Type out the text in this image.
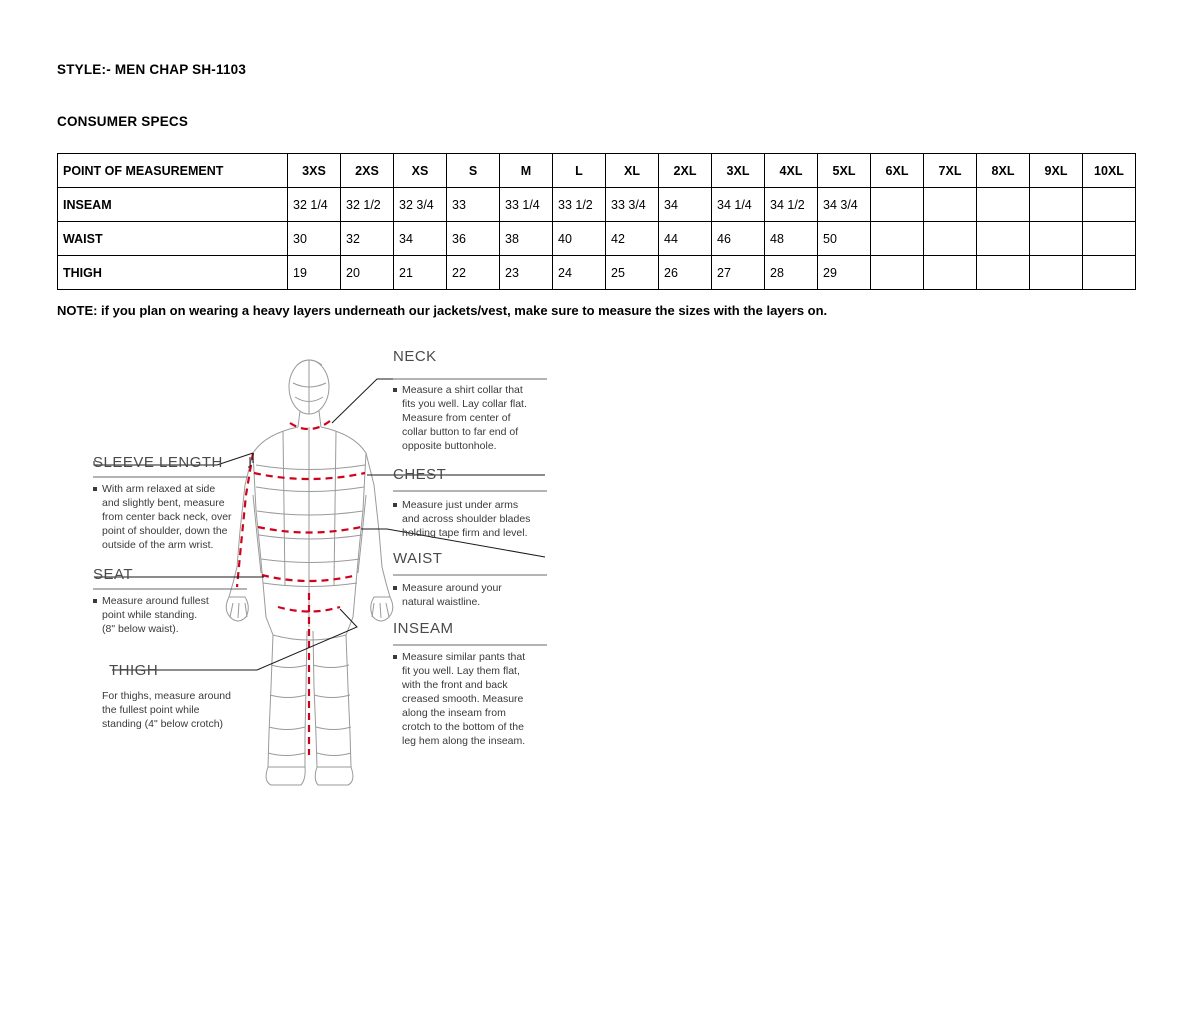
STYLE:- MEN CHAP SH-1103
CONSUMER SPECS
POINT OF MEASUREMENT	3XS	2XS	XS	S	M	L	XL	2XL	3XL	4XL	5XL	6XL	7XL	8XL	9XL	10XL
INSEAM	32 1/4	32 1/2	32 3/4	33	33 1/4	33 1/2	33 3/4	34	34 1/4	34 1/2	34 3/4					
WAIST	30	32	34	36	38	40	42	44	46	48	50					
THIGH	19	20	21	22	23	24	25	26	27	28	29					
NOTE: if you plan on wearing a heavy layers underneath our jackets/vest, make sure to measure the sizes with the layers on.
NECK
Measure a shirt collar that
fits you well. Lay collar flat.
Measure from center of
collar button to far end of
opposite buttonhole.
SLEEVE LENGTH
With arm relaxed at side
and slightly bent, measure
from center back neck, over
point of shoulder, down the
outside of the arm wrist.
CHEST
Measure just under arms
and across shoulder blades
holding tape firm and level.
SEAT
Measure around fullest
point while standing.
(8" below waist).
WAIST
Measure around your
natural waistline.
THIGH
For thighs, measure around
the fullest point while
standing (4" below crotch)
INSEAM
Measure similar pants that
fit you well. Lay them flat,
with the front and back
creased smooth. Measure
along the inseam from
crotch to the bottom of the
leg hem along the inseam.
